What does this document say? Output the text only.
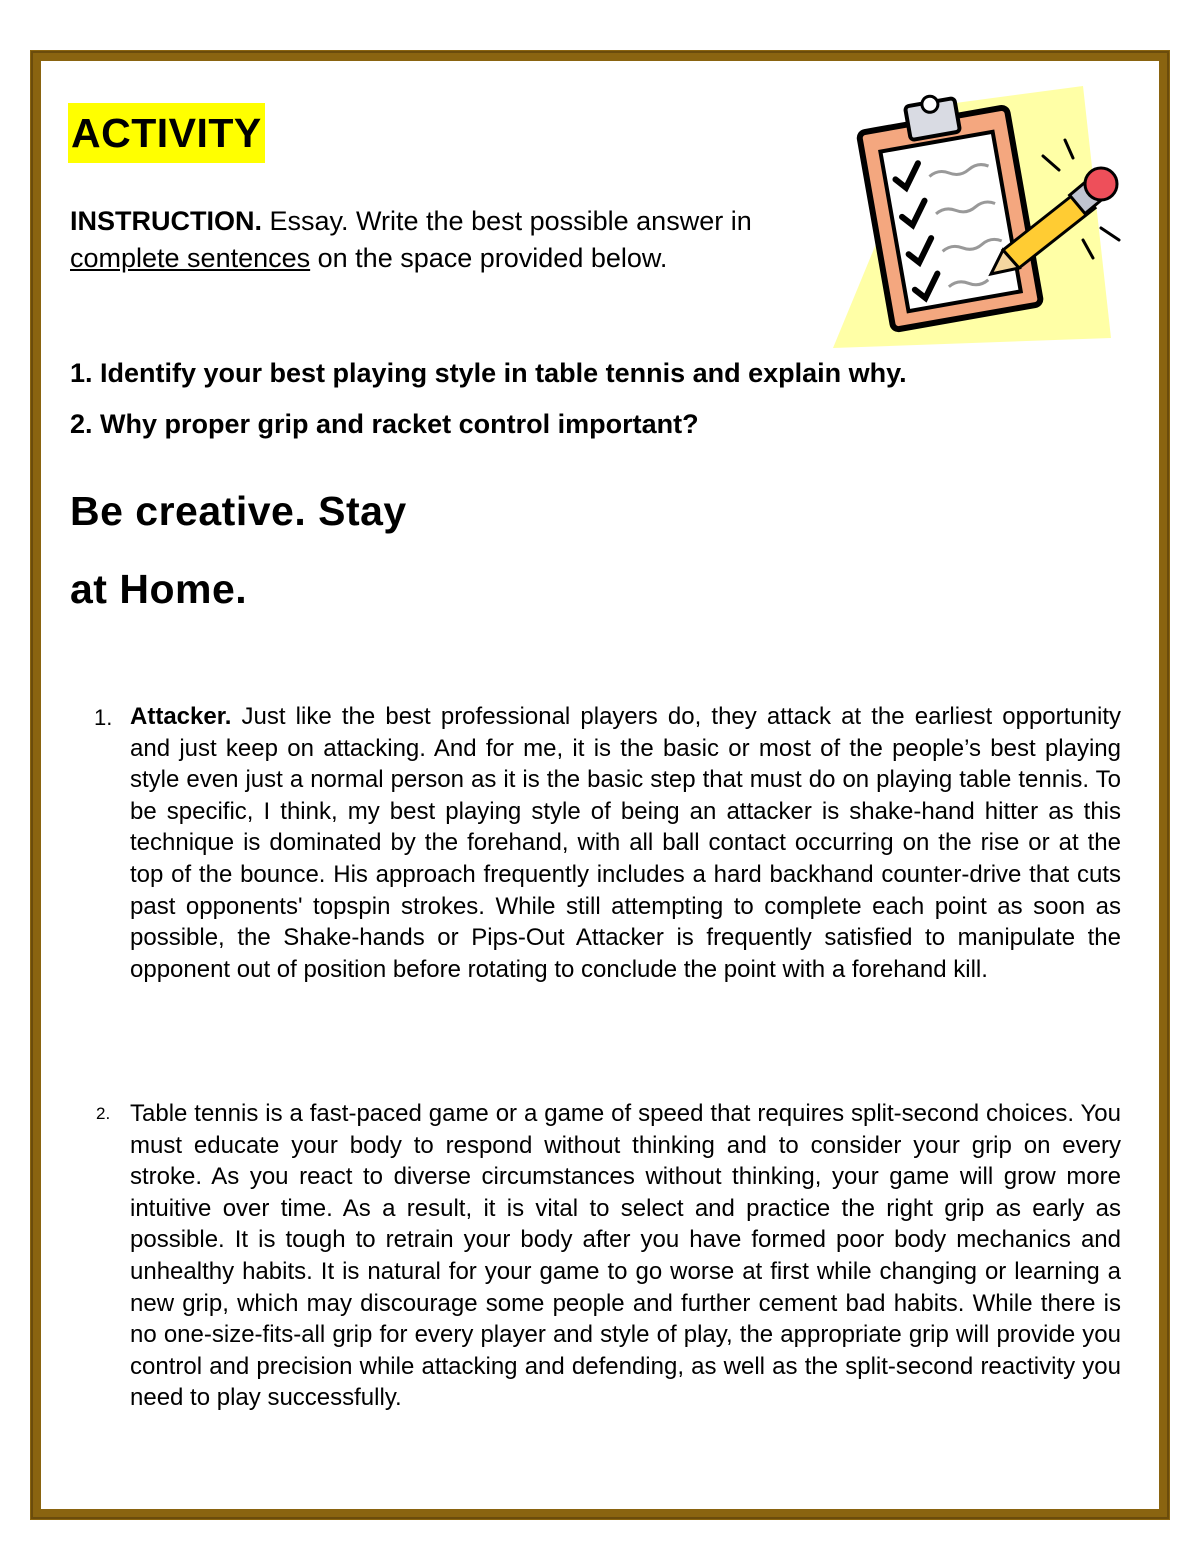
ACTIVITY
INSTRUCTION. Essay. Write the best possible answer in complete sentences on the space provided below.
1. Identify your best playing style in table tennis and explain why.
2. Why proper grip and racket control important?
Be creative. Stay
at Home.
1. Attacker. Just like the best professional players do, they attack at the earliest opportunity and just keep on attacking. And for me, it is the basic or most of the people’s best playing style even just a normal person as it is the basic step that must do on playing table tennis. To be specific, I think, my best playing style of being an attacker is shake-hand hitter as this technique is dominated by the forehand, with all ball contact occurring on the rise or at the top of the bounce. His approach frequently includes a hard backhand counter-drive that cuts past opponents' topspin strokes. While still attempting to complete each point as soon as possible, the Shake-hands or Pips-Out Attacker is frequently satisfied to manipulate the opponent out of position before rotating to conclude the point with a forehand kill.
2. Table tennis is a fast-paced game or a game of speed that requires split-second choices. You must educate your body to respond without thinking and to consider your grip on every stroke. As you react to diverse circumstances without thinking, your game will grow more intuitive over time. As a result, it is vital to select and practice the right grip as early as possible. It is tough to retrain your body after you have formed poor body mechanics and unhealthy habits. It is natural for your game to go worse at first while changing or learning a new grip, which may discourage some people and further cement bad habits. While there is no one-size-fits-all grip for every player and style of play, the appropriate grip will provide you control and precision while attacking and defending, as well as the split-second reactivity you need to play successfully.
